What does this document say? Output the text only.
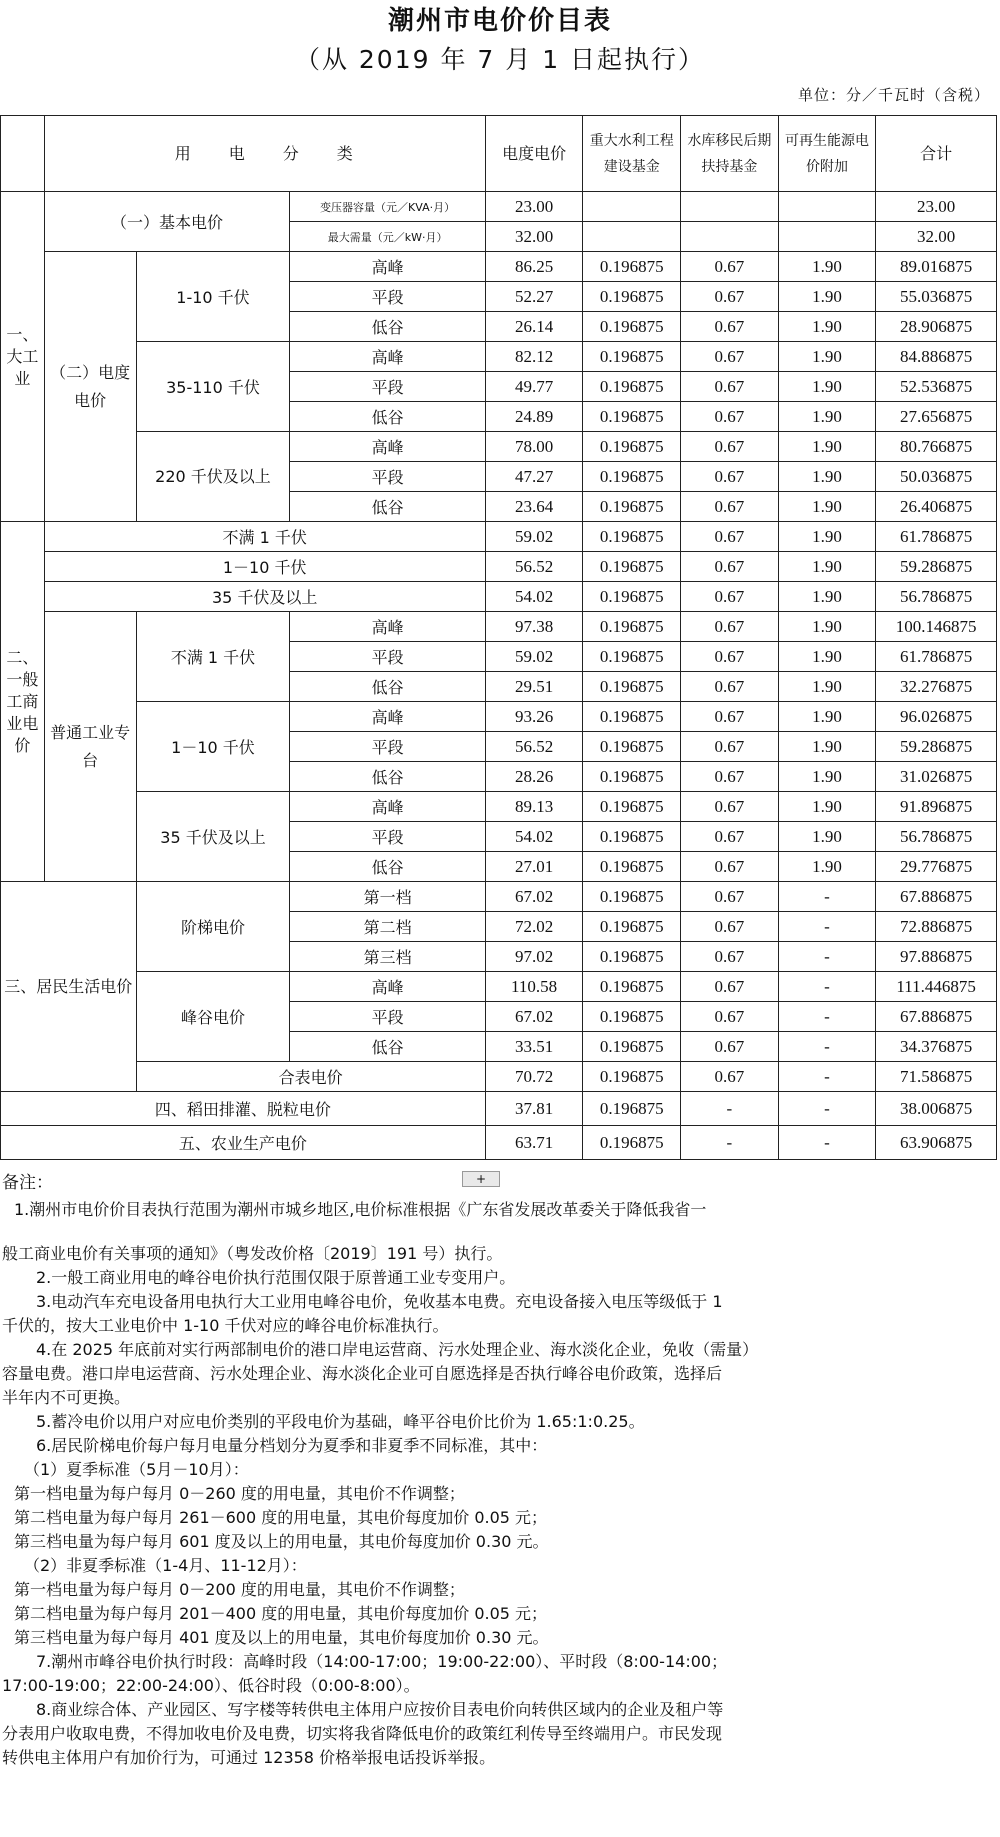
潮州市电价价目表
（从 2019 年 7 月 1 日起执行）
单位：分／千瓦时（含税）
	用　　电　　分　　类			电度电价	重大水利工程建设基金	水库移民后期扶持基金	可再生能源电价附加	合计
一、大工业	（一）基本电价		变压器容量（元／KVA·月）	23.00				23.00
			最大需量（元／kW·月）	32.00				32.00
	（二）电度电价	1-10 千伏	高峰	86.25	0.196875	0.67	1.90	89.016875
			平段	52.27	0.196875	0.67	1.90	55.036875
			低谷	26.14	0.196875	0.67	1.90	28.906875
		35-110 千伏	高峰	82.12	0.196875	0.67	1.90	84.886875
			平段	49.77	0.196875	0.67	1.90	52.536875
			低谷	24.89	0.196875	0.67	1.90	27.656875
		220 千伏及以上	高峰	78.00	0.196875	0.67	1.90	80.766875
			平段	47.27	0.196875	0.67	1.90	50.036875
			低谷	23.64	0.196875	0.67	1.90	26.406875
二、一般工商业电价	不满 1 千伏			59.02	0.196875	0.67	1.90	61.786875
	1－10 千伏			56.52	0.196875	0.67	1.90	59.286875
	35 千伏及以上			54.02	0.196875	0.67	1.90	56.786875
	普通工业专台	不满 1 千伏	高峰	97.38	0.196875	0.67	1.90	100.146875
			平段	59.02	0.196875	0.67	1.90	61.786875
			低谷	29.51	0.196875	0.67	1.90	32.276875
		1－10 千伏	高峰	93.26	0.196875	0.67	1.90	96.026875
			平段	56.52	0.196875	0.67	1.90	59.286875
			低谷	28.26	0.196875	0.67	1.90	31.026875
		35 千伏及以上	高峰	89.13	0.196875	0.67	1.90	91.896875
			平段	54.02	0.196875	0.67	1.90	56.786875
			低谷	27.01	0.196875	0.67	1.90	29.776875
三、居民生活电价		阶梯电价	第一档	67.02	0.196875	0.67	-	67.886875
			第二档	72.02	0.196875	0.67	-	72.886875
			第三档	97.02	0.196875	0.67	-	97.886875
		峰谷电价	高峰	110.58	0.196875	0.67	-	111.446875
			平段	67.02	0.196875	0.67	-	67.886875
			低谷	33.51	0.196875	0.67	-	34.376875
		合表电价		70.72	0.196875	0.67	-	71.586875
四、稻田排灌、脱粒电价				37.81	0.196875	-	-	38.006875
五、农业生产电价				63.71	0.196875	-	-	63.906875
备注：	+

1.潮州市电价价目表执行范围为潮州市城乡地区,电价标准根据《广东省发展改革委关于降低我省一

般工商业电价有关事项的通知》（粤发改价格〔2019〕191 号）执行。

2.一般工商业用电的峰谷电价执行范围仅限于原普通工业专变用户。

3.电动汽车充电设备用电执行大工业用电峰谷电价，免收基本电费。充电设备接入电压等级低于 1

千伏的，按大工业电价中 1-10 千伏对应的峰谷电价标准执行。

4.在 2025 年底前对实行两部制电价的港口岸电运营商、污水处理企业、海水淡化企业，免收（需量）

容量电费。港口岸电运营商、污水处理企业、海水淡化企业可自愿选择是否执行峰谷电价政策，选择后

半年内不可更换。

5.蓄冷电价以用户对应电价类别的平段电价为基础，峰平谷电价比价为 1.65:1:0.25。

6.居民阶梯电价每户每月电量分档划分为夏季和非夏季不同标准，其中：

（1）夏季标准（5月－10月）：

第一档电量为每户每月 0－260 度的用电量，其电价不作调整；

第二档电量为每户每月 261－600 度的用电量，其电价每度加价 0.05 元；

第三档电量为每户每月 601 度及以上的用电量，其电价每度加价 0.30 元。

（2）非夏季标准（1-4月、11-12月）：

第一档电量为每户每月 0－200 度的用电量，其电价不作调整；

第二档电量为每户每月 201－400 度的用电量，其电价每度加价 0.05 元；

第三档电量为每户每月 401 度及以上的用电量，其电价每度加价 0.30 元。

7.潮州市峰谷电价执行时段：高峰时段（14:00-17:00；19:00-22:00）、平时段（8:00-14:00；

17:00-19:00；22:00-24:00）、低谷时段（0:00-8:00）。

8.商业综合体、产业园区、写字楼等转供电主体用户应按价目表电价向转供区域内的企业及租户等

分表用户收取电费，不得加收电价及电费，切实将我省降低电价的政策红利传导至终端用户。市民发现

转供电主体用户有加价行为，可通过 12358 价格举报电话投诉举报。
